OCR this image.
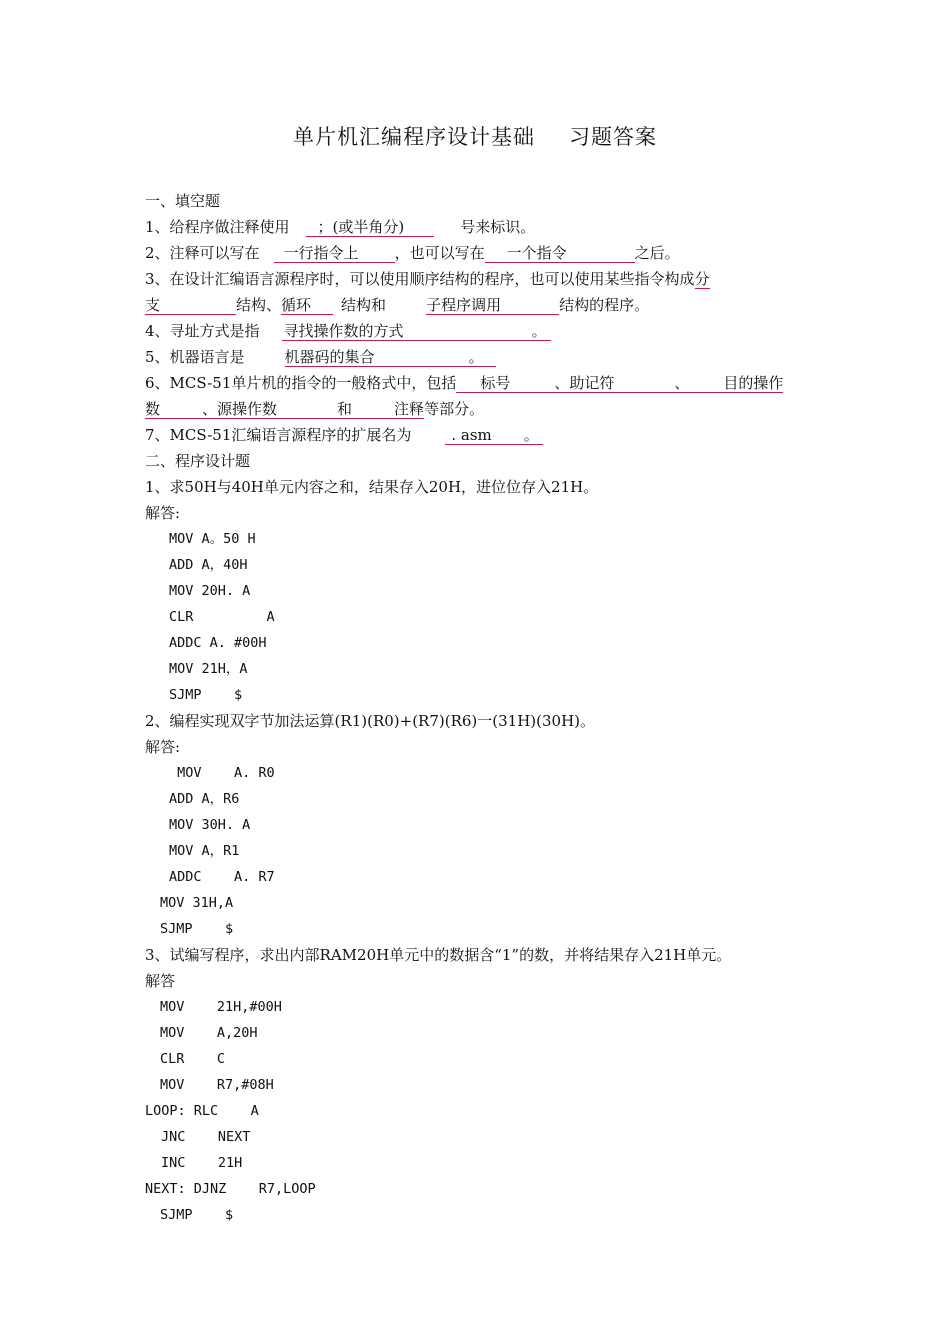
单片机汇编程序设计基础 习题答案
一、填空题
1、给程序做注释使用 ；(或半角分)	号来标识。
2、注释可以写在 一行指令上 ，也可以写在 一个指令	之后。
3、在设计汇编语言源程序时，可以使用顺序结构的程序，也可以使用某些指令构成分
支	结构、循环 结构和	子程序调用	结构的程序。
4、寻址方式是指 寻找操作数的方式	。
5、机器语言是	机器码的集合	。
6、MCS-51单片机的指令的一般格式中，包括 标号	、助记符	、 目的操作
数	、源操作数	和	注释等部分。
7、MCS-51汇编语言源程序的扩展名为	. asm 。
二、程序设计题
1、求50H与40H单元内容之和，结果存入20H，进位位存入21H。
解答:
MOV A。50 H
ADD A，40H
MOV 20H. A
CLR         A
ADDC A. #00H
MOV 21H，A
SJMP    $
2、编程实现双字节加法运算(R1)(R0)+(R7)(R6)一(31H)(30H)。
解答:
MOV    A. R0
ADD A，R6
MOV 30H. A
MOV A，R1
ADDC    A. R7
MOV 31H,A
SJMP    $
3、试编写程序，求出内部RAM20H单元中的数据含“1”的数，并将结果存入21H单元。
解答
MOV    21H,#00H
MOV    A,20H
CLR    C
MOV    R7,#08H
LOOP: RLC    A
JNC    NEXT
INC    21H
NEXT: DJNZ    R7,LOOP
SJMP    $
